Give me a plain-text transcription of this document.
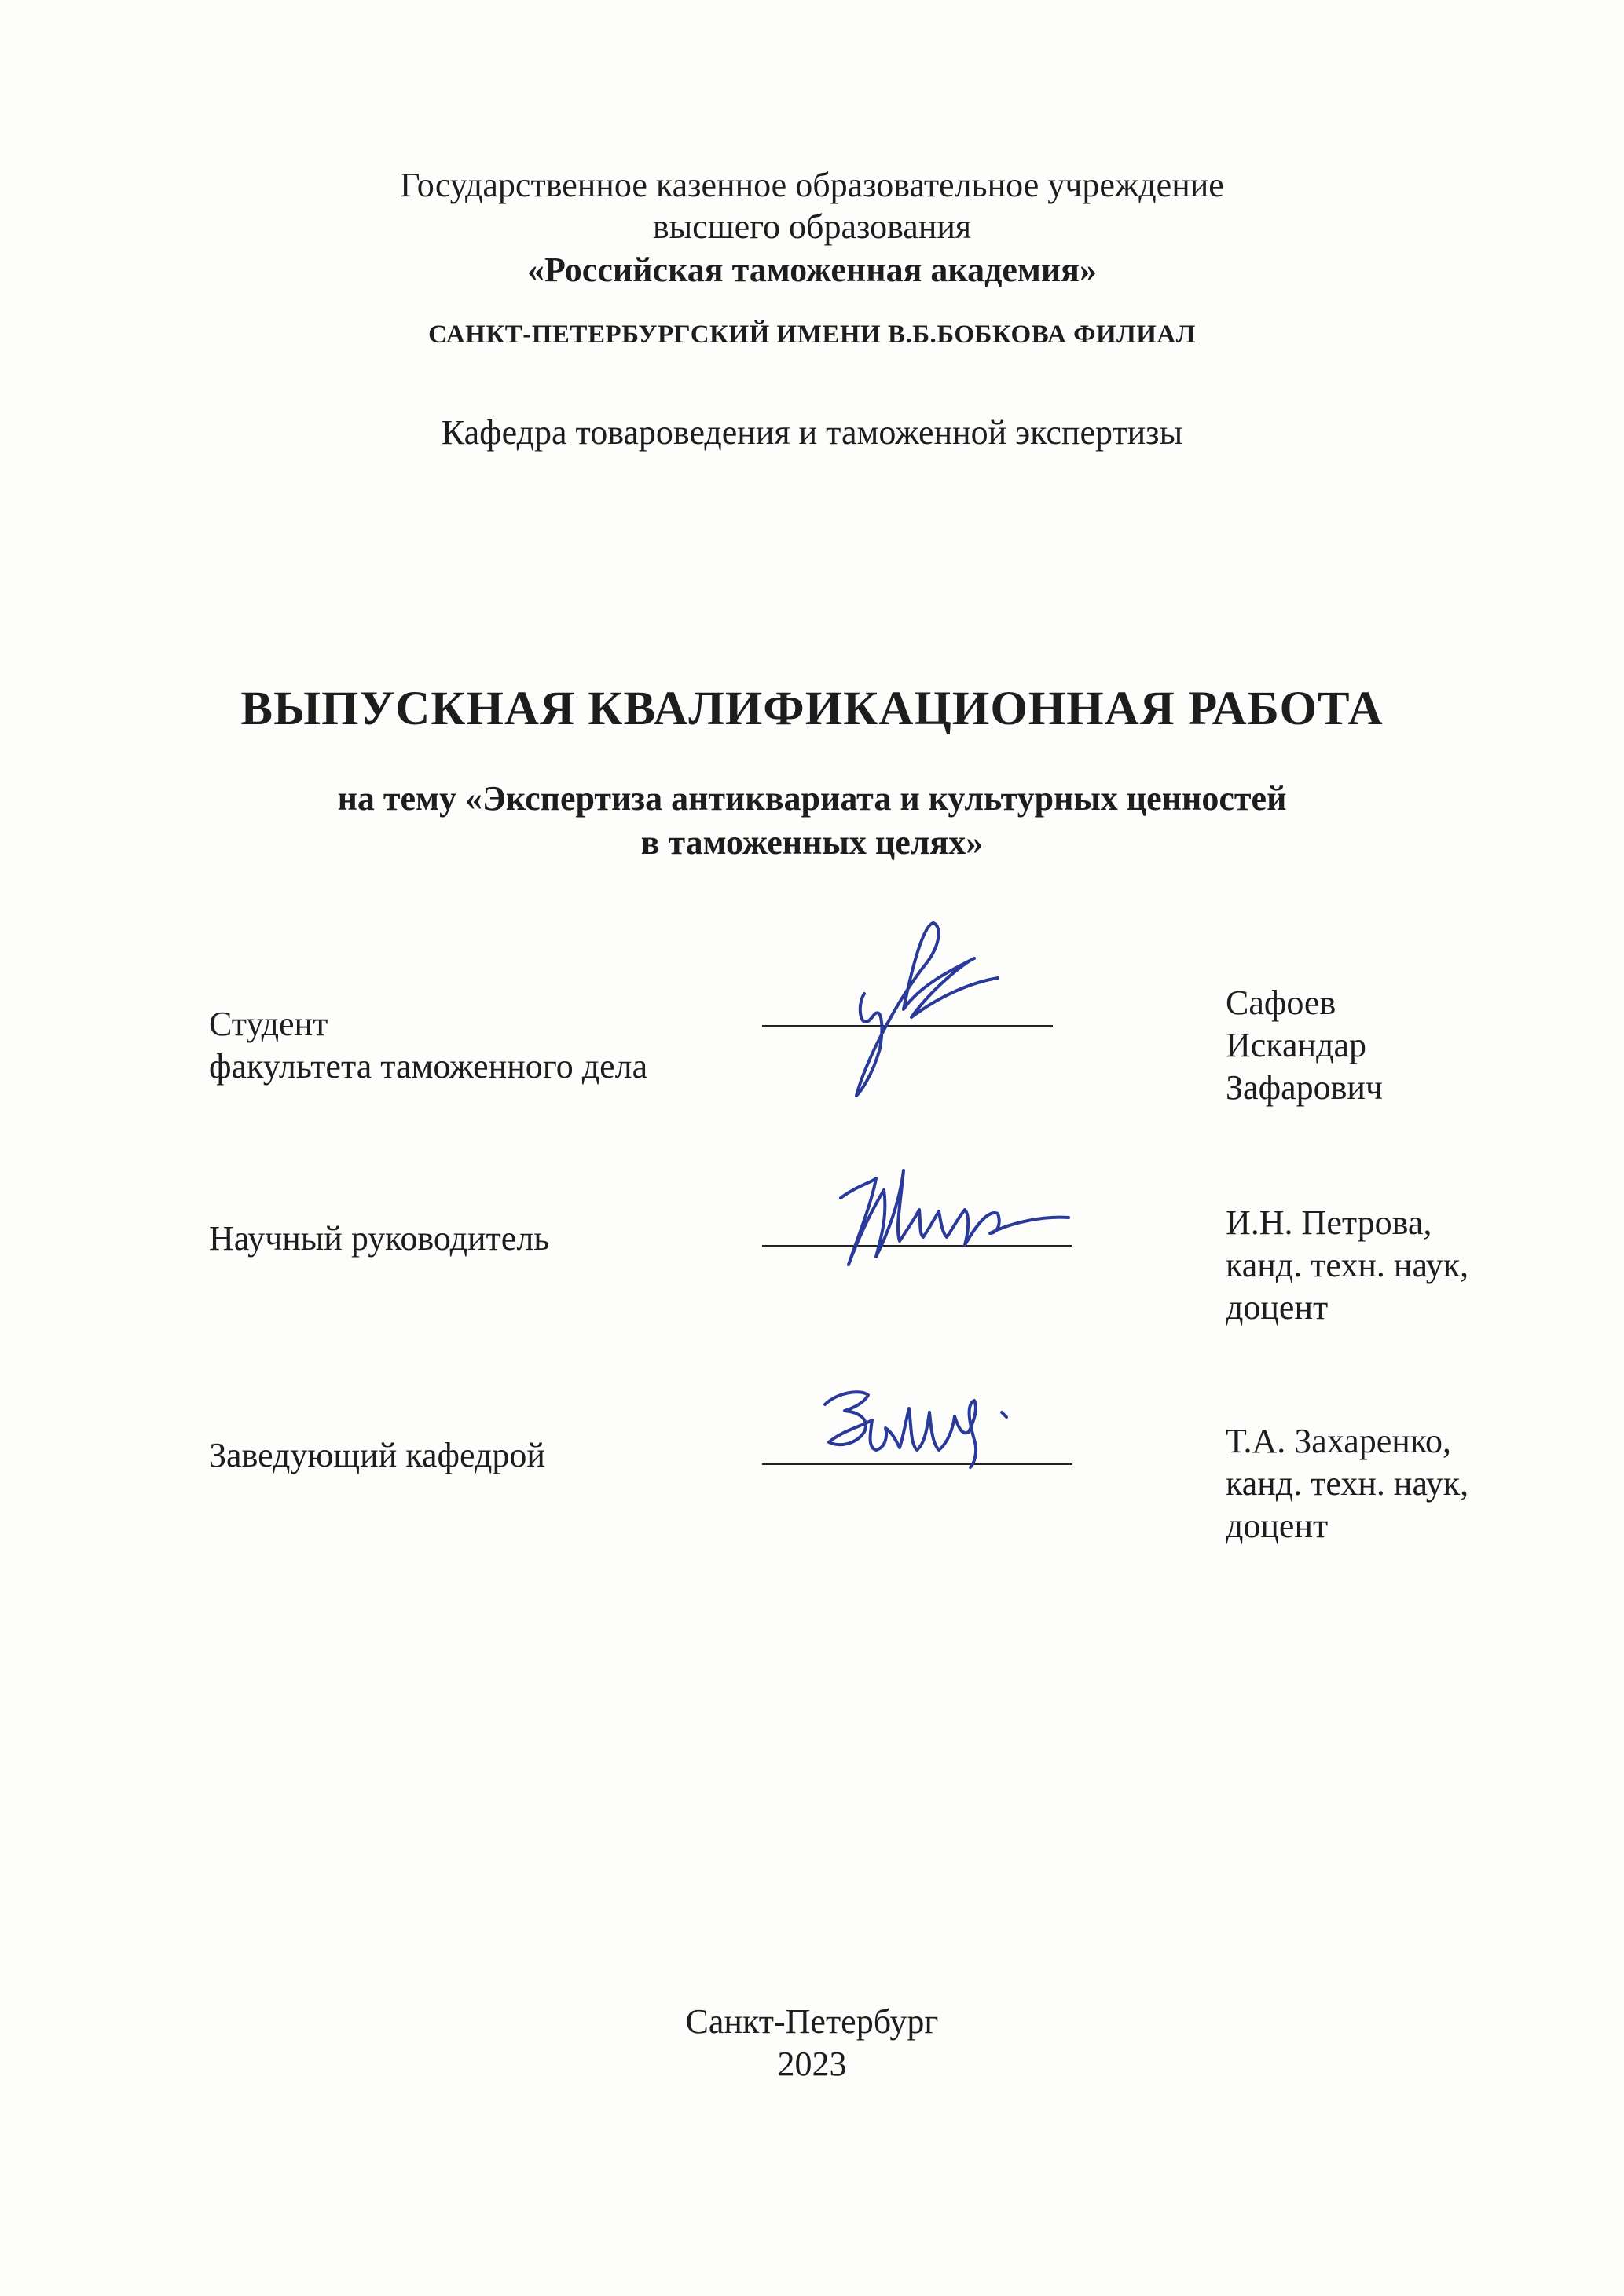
Государственное казенное образовательное учреждение
высшего образования
«Российская таможенная академия»
САНКТ-ПЕТЕРБУРГСКИЙ ИМЕНИ В.Б.БОБКОВА ФИЛИАЛ
Кафедра товароведения и таможенной экспертизы
ВЫПУСКНАЯ КВАЛИФИКАЦИОННАЯ РАБОТА
на тему «Экспертиза антиквариата и культурных ценностей
в таможенных целях»
Студент
факультета таможенного дела
Сафоев
Искандар
Зафарович
Научный руководитель	И.Н. Петрова,
канд. техн. наук,
доцент
Заведующий кафедрой	Т.А. Захаренко,
канд. техн. наук,
доцент
Санкт-Петербург
2023
